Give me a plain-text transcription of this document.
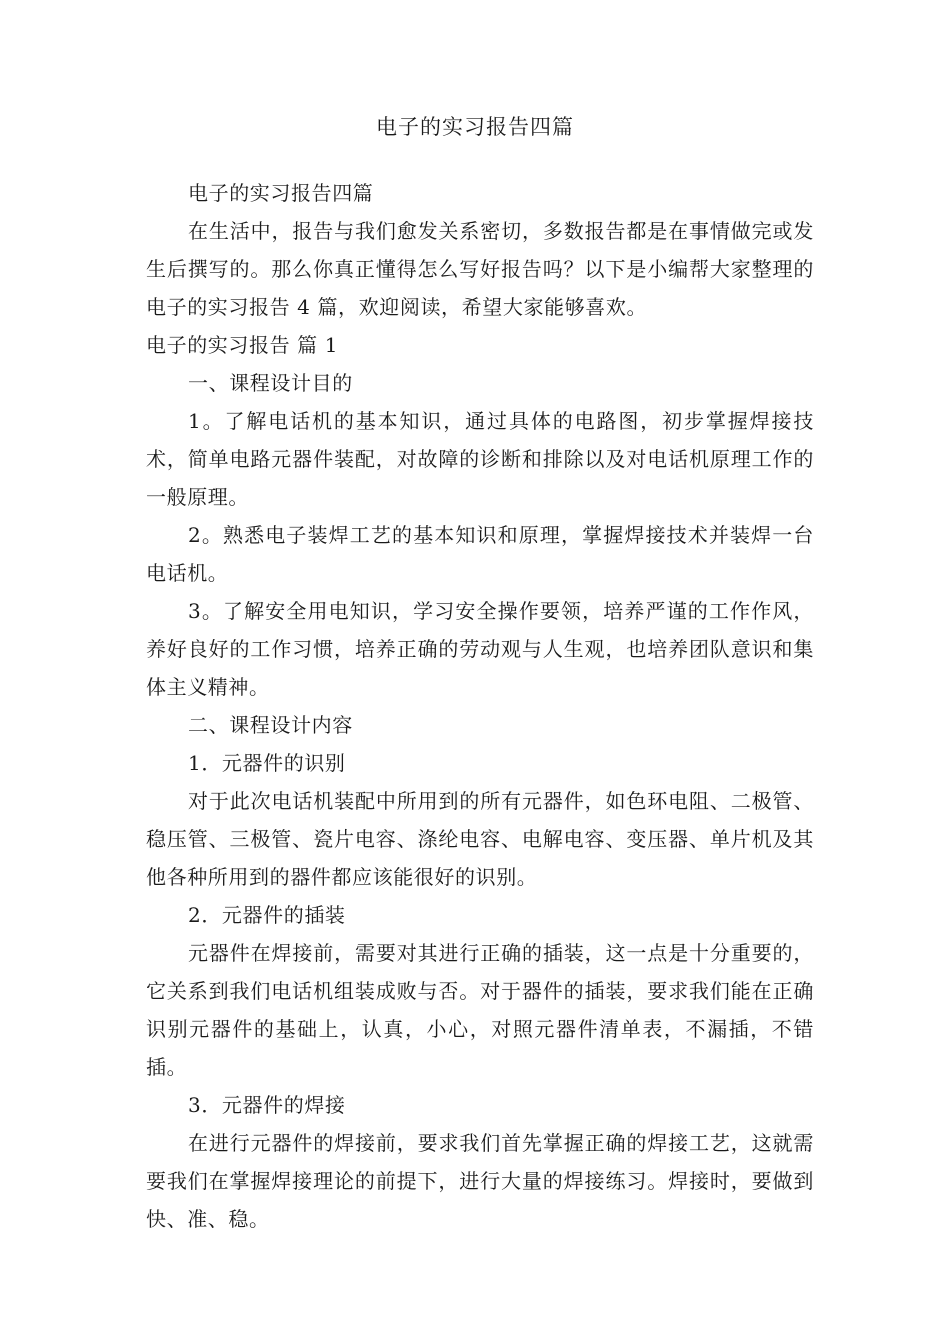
电子的实习报告四篇

电子的实习报告四篇

在生活中，报告与我们愈发关系密切，多数报告都是在事情做完或发生后撰写的。那么你真正懂得怎么写好报告吗？以下是小编帮大家整理的电子的实习报告 4 篇，欢迎阅读，希望大家能够喜欢。

电子的实习报告 篇 1

一、课程设计目的

1。了解电话机的基本知识，通过具体的电路图，初步掌握焊接技术，简单电路元器件装配，对故障的诊断和排除以及对电话机原理工作的一般原理。

2。熟悉电子装焊工艺的基本知识和原理，掌握焊接技术并装焊一台电话机。

3。了解安全用电知识，学习安全操作要领，培养严谨的工作作风，养好良好的工作习惯，培养正确的劳动观与人生观，也培养团队意识和集体主义精神。

二、课程设计内容

1．元器件的识别

对于此次电话机装配中所用到的所有元器件，如色环电阻、二极管、稳压管、三极管、瓷片电容、涤纶电容、电解电容、变压器、单片机及其他各种所用到的器件都应该能很好的识别。

2．元器件的插装

元器件在焊接前，需要对其进行正确的插装，这一点是十分重要的，它关系到我们电话机组装成败与否。对于器件的插装，要求我们能在正确识别元器件的基础上，认真，小心，对照元器件清单表，不漏插，不错插。

3．元器件的焊接

在进行元器件的焊接前，要求我们首先掌握正确的焊接工艺，这就需要我们在掌握焊接理论的前提下，进行大量的焊接练习。焊接时，要做到快、准、稳。
